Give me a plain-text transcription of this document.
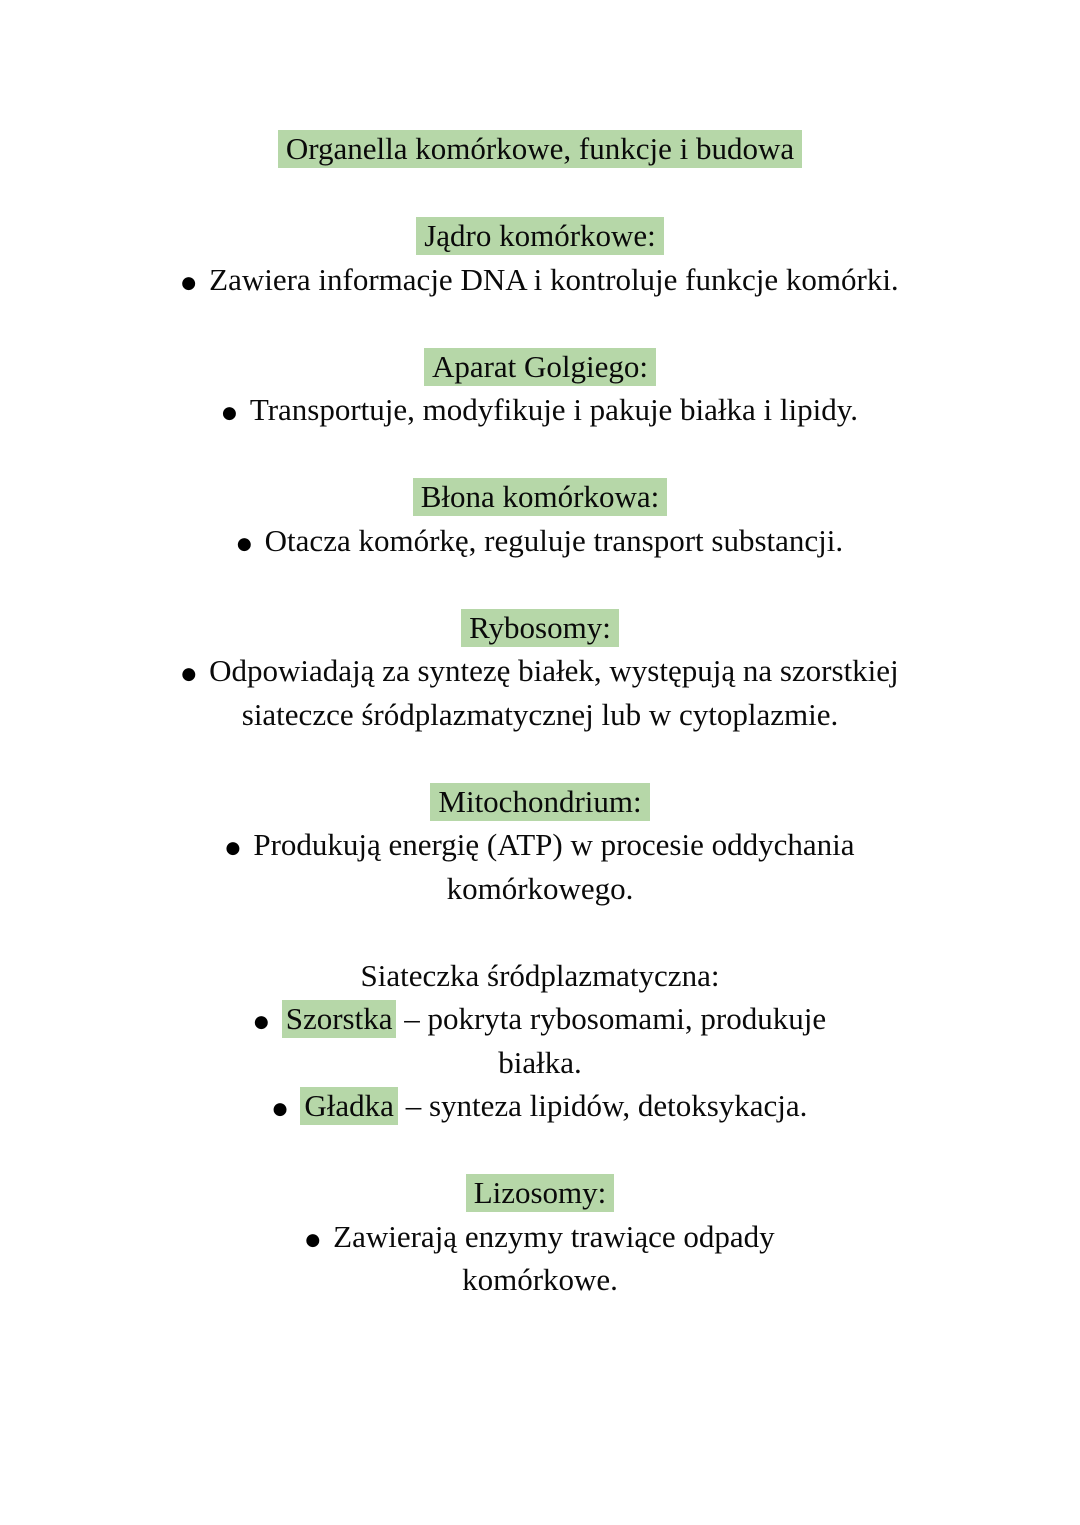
Organella komórkowe, funkcje i budowa
Jądro komórkowe:
● Zawiera informacje DNA i kontroluje funkcje komórki.
Aparat Golgiego:
● Transportuje, modyfikuje i pakuje białka i lipidy.
Błona komórkowa:
● Otacza komórkę, reguluje transport substancji.
Rybosomy:
● Odpowiadają za syntezę białek, występują na szorstkiej
siateczce śródplazmatycznej lub w cytoplazmie.
Mitochondrium:
● Produkują energię (ATP) w procesie oddychania
komórkowego.
Siateczka śródplazmatyczna:
● Szorstka – pokryta rybosomami, produkuje
białka.
● Gładka – synteza lipidów, detoksykacja.
Lizosomy:
● Zawierają enzymy trawiące odpady
komórkowe.
